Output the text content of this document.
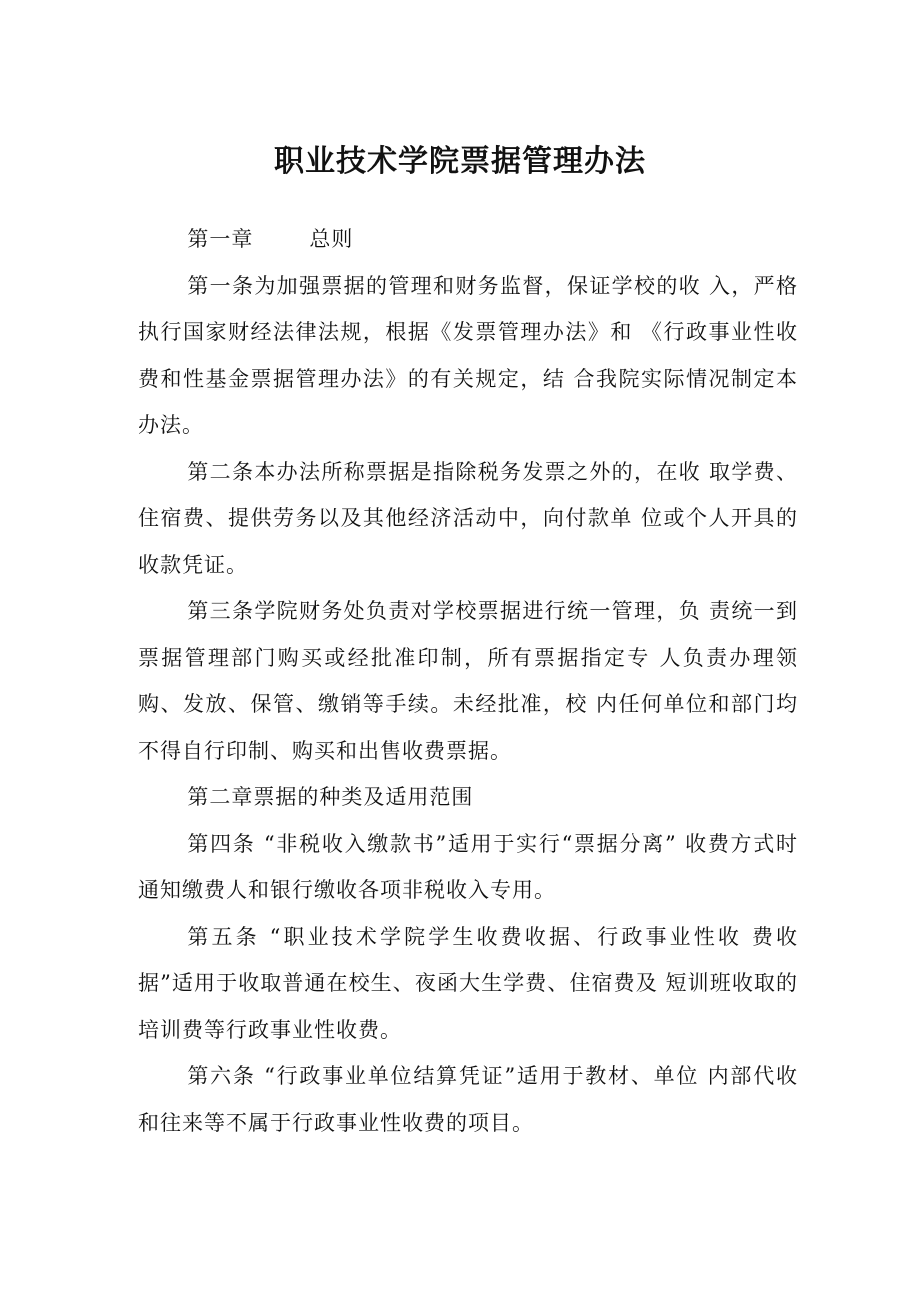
职业技术学院票据管理办法

第一章	总则

第一条为加强票据的管理和财务监督，保证学校的收 入，严格执行国家财经法律法规，根据《发票管理办法》和 《行政事业性收费和性基金票据管理办法》的有关规定，结 合我院实际情况制定本办法。

第二条本办法所称票据是指除税务发票之外的，在收 取学费、住宿费、提供劳务以及其他经济活动中，向付款单 位或个人开具的收款凭证。

第三条学院财务处负责对学校票据进行统一管理，负 责统一到票据管理部门购买或经批准印制，所有票据指定专 人负责办理领购、发放、保管、缴销等手续。未经批准，校 内任何单位和部门均不得自行印制、购买和出售收费票据。

第二章票据的种类及适用范围

第四条 “非税收入缴款书”适用于实行“票据分离” 收费方式时通知缴费人和银行缴收各项非税收入专用。

第五条 “职业技术学院学生收费收据、行政事业性收 费收据”适用于收取普通在校生、夜函大生学费、住宿费及 短训班收取的培训费等行政事业性收费。

第六条 “行政事业单位结算凭证”适用于教材、单位 内部代收和往来等不属于行政事业性收费的项目。
